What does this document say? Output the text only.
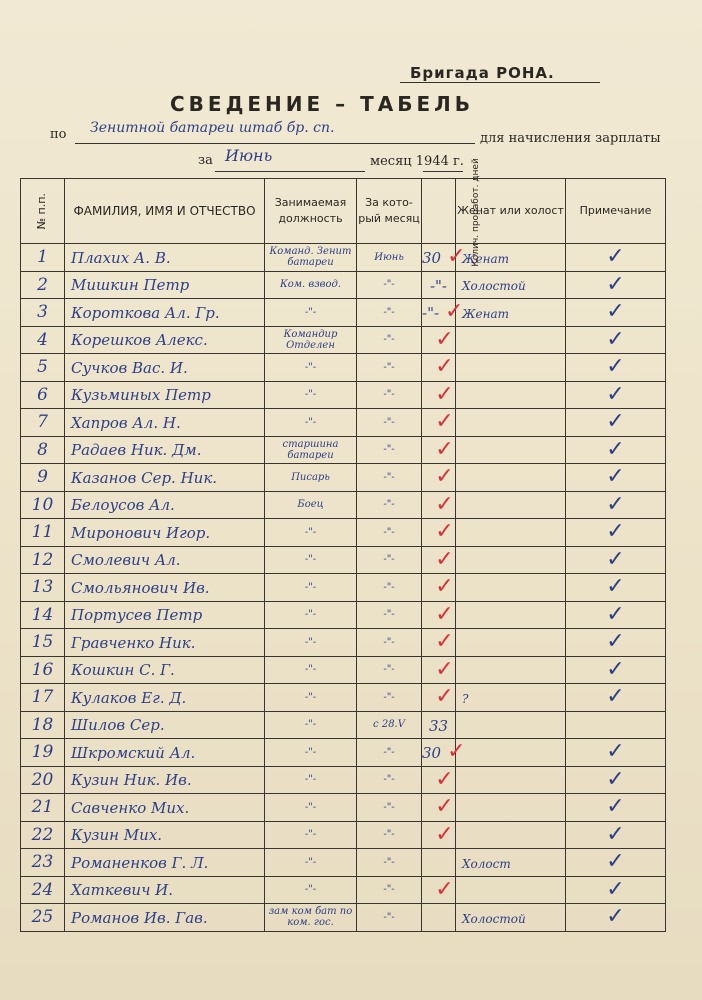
Бригада РОНА.
СВЕДЕНИЕ – ТАБЕЛЬ
по Зенитной батареи штаб бр. сп.
для начисления зарплаты
за Июнь	месяц 1944 г.
№ п.п.	ФАМИЛИЯ, ИМЯ И ОТЧЕСТВО	Занимаемая должность	За кото- рый месяц	Колич. проработ. дней	Женат или холост	Примечание
1	Плахих А. В.	Команд. Зенит батареи	Июнь	30 ✓	Женат	✓
2	Мишкин Петр	Ком. взвод.	-"-	-"-	Холостой	✓
3	Короткова Ал. Гр.	-"-	-"-	-"- ✓	Женат	✓
4	Корешков Алекс.	Командир Отделен	-"-	✓		✓
5	Сучков Вас. И.	-"-	-"-	✓		✓
6	Кузьминых Петр	-"-	-"-	✓		✓
7	Хапров Ал. Н.	-"-	-"-	✓		✓
8	Радаев Ник. Дм.	старшина батареи	-"-	✓		✓
9	Казанов Сер. Ник.	Писарь	-"-	✓		✓
10	Белоусов Ал.	Боец	-"-	✓		✓
11	Миронович Игор.	-"-	-"-	✓		✓
12	Смолевич Ал.	-"-	-"-	✓		✓
13	Смольянович Ив.	-"-	-"-	✓		✓
14	Портусев Петр	-"-	-"-	✓		✓
15	Гравченко Ник.	-"-	-"-	✓		✓
16	Кошкин С. Г.	-"-	-"-	✓		✓
17	Кулаков Ег. Д.	-"-	-"-	✓	?	✓
18	Шилов Сер.	-"-	с 28.V	33		
19	Шкромский Ал.	-"-	-"-	30 ✓		✓
20	Кузин Ник. Ив.	-"-	-"-	✓		✓
21	Савченко Мих.	-"-	-"-	✓		✓
22	Кузин Мих.	-"-	-"-	✓		✓
23	Романенков Г. Л.	-"-	-"-		Холост	✓
24	Хаткевич И.	-"-	-"-	✓		✓
25	Романов Ив. Гав.	зам ком бат по ком. гос.	-"-		Холостой	✓
